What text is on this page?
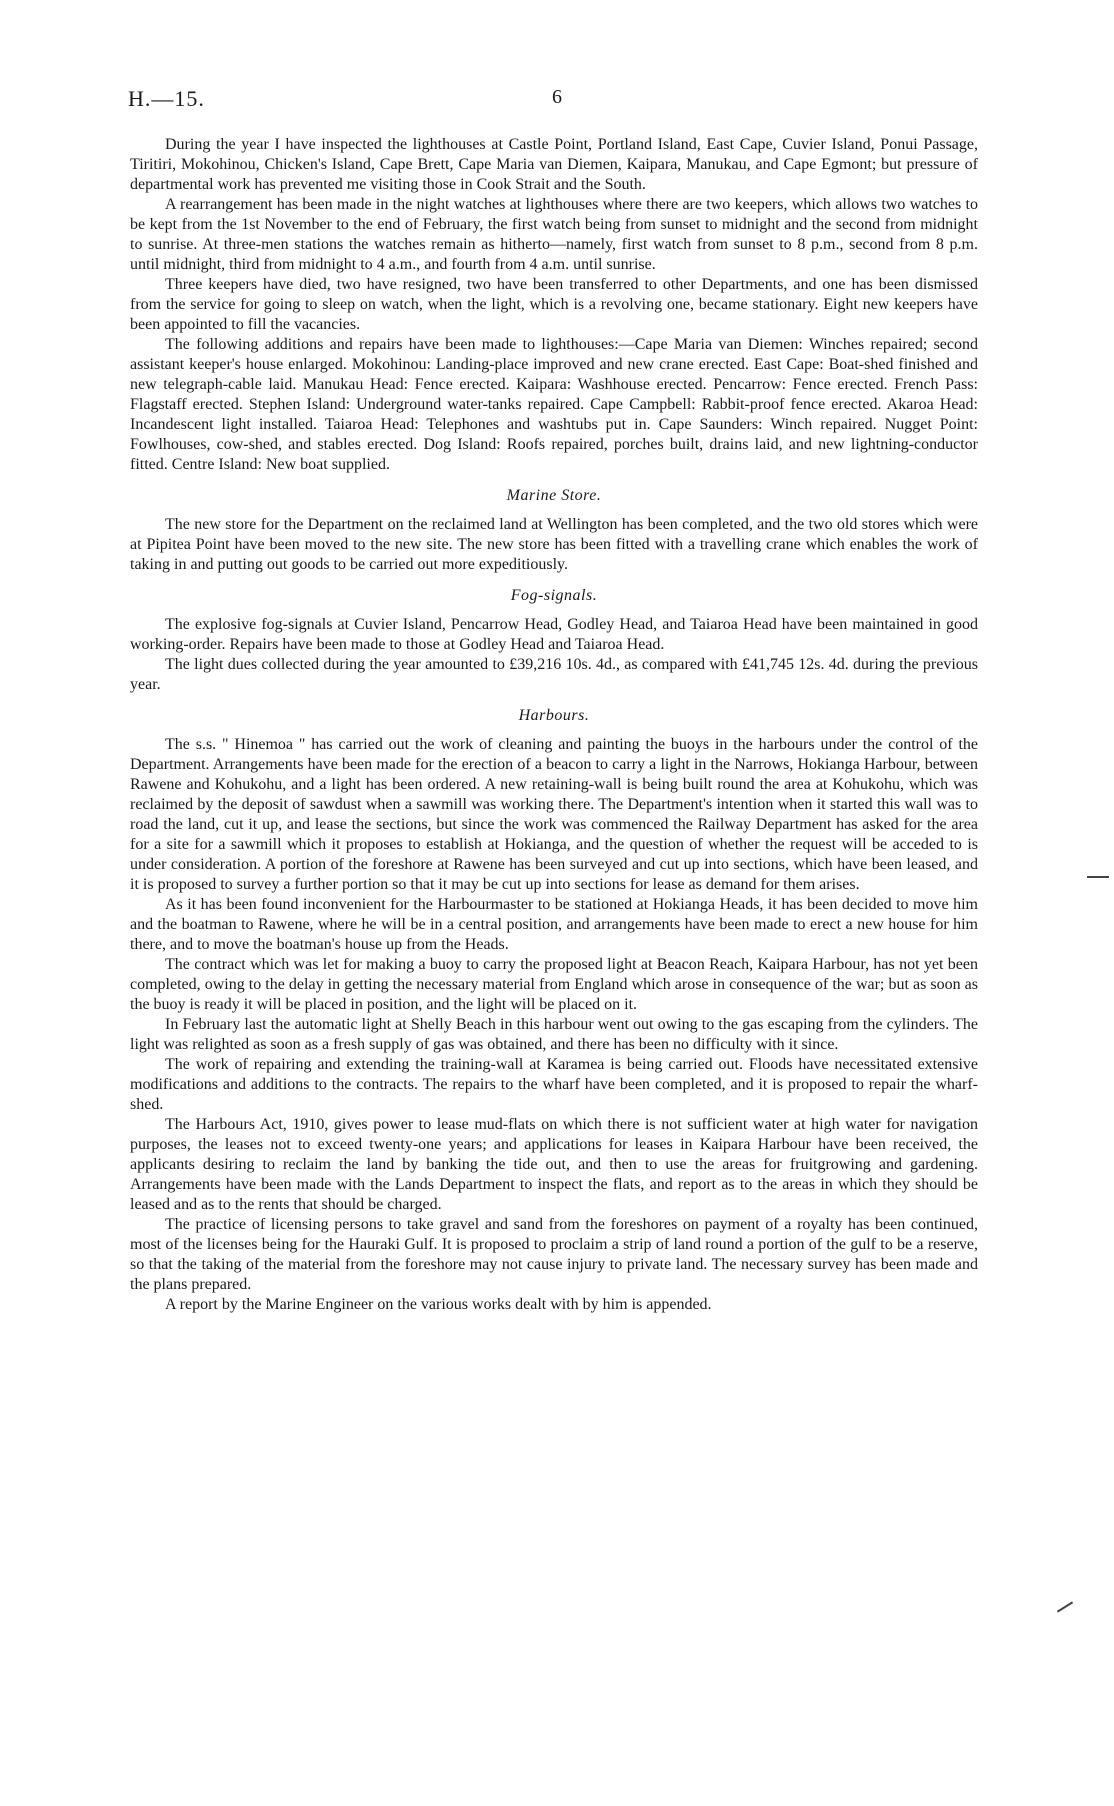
H.—15.	6

During the year I have inspected the lighthouses at Castle Point, Portland Island, East Cape, Cuvier Island, Ponui Passage, Tiritiri, Mokohinou, Chicken's Island, Cape Brett, Cape Maria van Diemen, Kaipara, Manukau, and Cape Egmont; but pressure of departmental work has prevented me visiting those in Cook Strait and the South.

A rearrangement has been made in the night watches at lighthouses where there are two keepers, which allows two watches to be kept from the 1st November to the end of February, the first watch being from sunset to midnight and the second from midnight to sunrise. At three-men stations the watches remain as hitherto—namely, first watch from sunset to 8 p.m., second from 8 p.m. until midnight, third from midnight to 4 a.m., and fourth from 4 a.m. until sunrise.

Three keepers have died, two have resigned, two have been transferred to other Departments, and one has been dismissed from the service for going to sleep on watch, when the light, which is a revolving one, became stationary. Eight new keepers have been appointed to fill the vacancies.

The following additions and repairs have been made to lighthouses:—Cape Maria van Diemen: Winches repaired; second assistant keeper's house enlarged. Mokohinou: Landing-place improved and new crane erected. East Cape: Boat-shed finished and new telegraph-cable laid. Manukau Head: Fence erected. Kaipara: Washhouse erected. Pencarrow: Fence erected. French Pass: Flagstaff erected. Stephen Island: Underground water-tanks repaired. Cape Campbell: Rabbit-proof fence erected. Akaroa Head: Incandescent light installed. Taiaroa Head: Telephones and washtubs put in. Cape Saunders: Winch repaired. Nugget Point: Fowlhouses, cow-shed, and stables erected. Dog Island: Roofs repaired, porches built, drains laid, and new lightning-conductor fitted. Centre Island: New boat supplied.

Marine Store.

The new store for the Department on the reclaimed land at Wellington has been completed, and the two old stores which were at Pipitea Point have been moved to the new site. The new store has been fitted with a travelling crane which enables the work of taking in and putting out goods to be carried out more expeditiously.

Fog-signals.

The explosive fog-signals at Cuvier Island, Pencarrow Head, Godley Head, and Taiaroa Head have been maintained in good working-order. Repairs have been made to those at Godley Head and Taiaroa Head.

The light dues collected during the year amounted to £39,216 10s. 4d., as compared with £41,745 12s. 4d. during the previous year.

Harbours.

The s.s. " Hinemoa " has carried out the work of cleaning and painting the buoys in the harbours under the control of the Department. Arrangements have been made for the erection of a beacon to carry a light in the Narrows, Hokianga Harbour, between Rawene and Kohukohu, and a light has been ordered. A new retaining-wall is being built round the area at Kohukohu, which was reclaimed by the deposit of sawdust when a sawmill was working there. The Department's intention when it started this wall was to road the land, cut it up, and lease the sections, but since the work was commenced the Railway Department has asked for the area for a site for a sawmill which it proposes to establish at Hokianga, and the question of whether the request will be acceded to is under consideration. A portion of the foreshore at Rawene has been surveyed and cut up into sections, which have been leased, and it is proposed to survey a further portion so that it may be cut up into sections for lease as demand for them arises.

As it has been found inconvenient for the Harbourmaster to be stationed at Hokianga Heads, it has been decided to move him and the boatman to Rawene, where he will be in a central position, and arrangements have been made to erect a new house for him there, and to move the boatman's house up from the Heads.

The contract which was let for making a buoy to carry the proposed light at Beacon Reach, Kaipara Harbour, has not yet been completed, owing to the delay in getting the necessary material from England which arose in consequence of the war; but as soon as the buoy is ready it will be placed in position, and the light will be placed on it.

In February last the automatic light at Shelly Beach in this harbour went out owing to the gas escaping from the cylinders. The light was relighted as soon as a fresh supply of gas was obtained, and there has been no difficulty with it since.

The work of repairing and extending the training-wall at Karamea is being carried out. Floods have necessitated extensive modifications and additions to the contracts. The repairs to the wharf have been completed, and it is proposed to repair the wharf-shed.

The Harbours Act, 1910, gives power to lease mud-flats on which there is not sufficient water at high water for navigation purposes, the leases not to exceed twenty-one years; and applications for leases in Kaipara Harbour have been received, the applicants desiring to reclaim the land by banking the tide out, and then to use the areas for fruitgrowing and gardening. Arrangements have been made with the Lands Department to inspect the flats, and report as to the areas in which they should be leased and as to the rents that should be charged.

The practice of licensing persons to take gravel and sand from the foreshores on payment of a royalty has been continued, most of the licenses being for the Hauraki Gulf. It is proposed to proclaim a strip of land round a portion of the gulf to be a reserve, so that the taking of the material from the foreshore may not cause injury to private land. The necessary survey has been made and the plans prepared.

A report by the Marine Engineer on the various works dealt with by him is appended.
